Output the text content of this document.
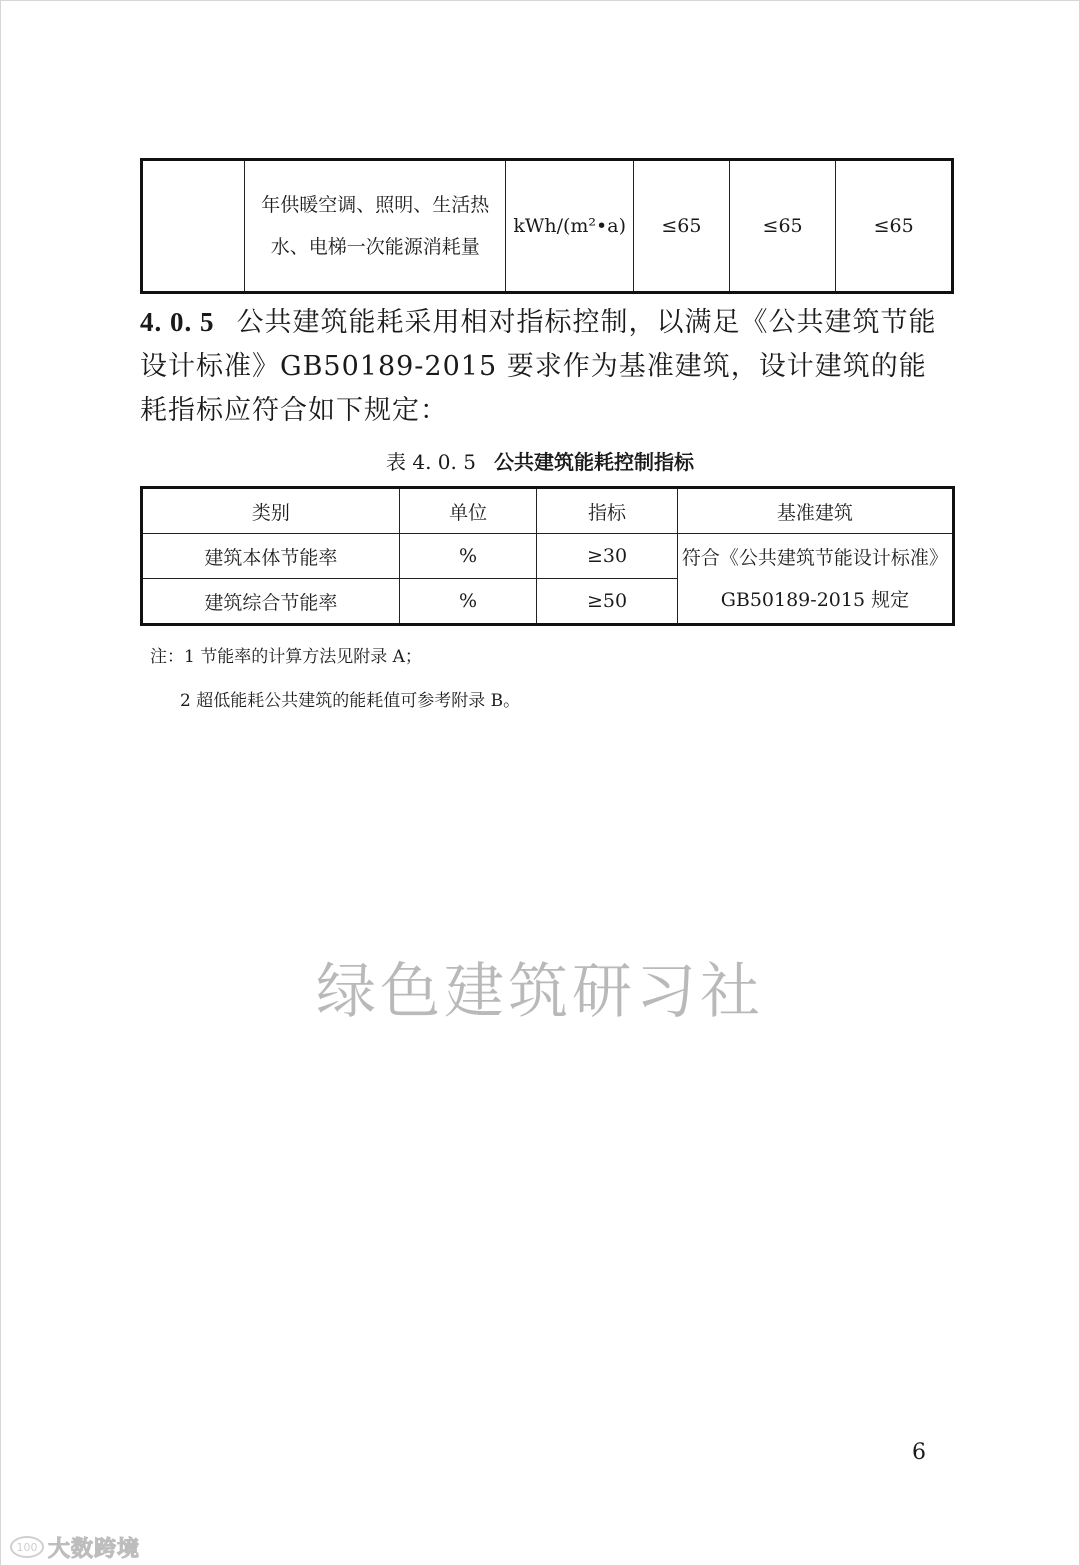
	年供暖空调、照明、生活热水、电梯一次能源消耗量	kWh/(m²•a)	≤65	≤65	≤65
4. 0. 5 公共建筑能耗采用相对指标控制，以满足《公共建筑节能设计标准》GB50189-2015 要求作为基准建筑，设计建筑的能耗指标应符合如下规定：
表 4. 0. 5 公共建筑能耗控制指标
类别	单位	指标	基准建筑
建筑本体节能率	%	≥30	符合《公共建筑节能设计标准》GB50189-2015 规定
建筑综合节能率	%	≥50	
注：1 节能率的计算方法见附录 A；
2 超低能耗公共建筑的能耗值可参考附录 B。
绿色建筑研习社
6
100 大数跨境
